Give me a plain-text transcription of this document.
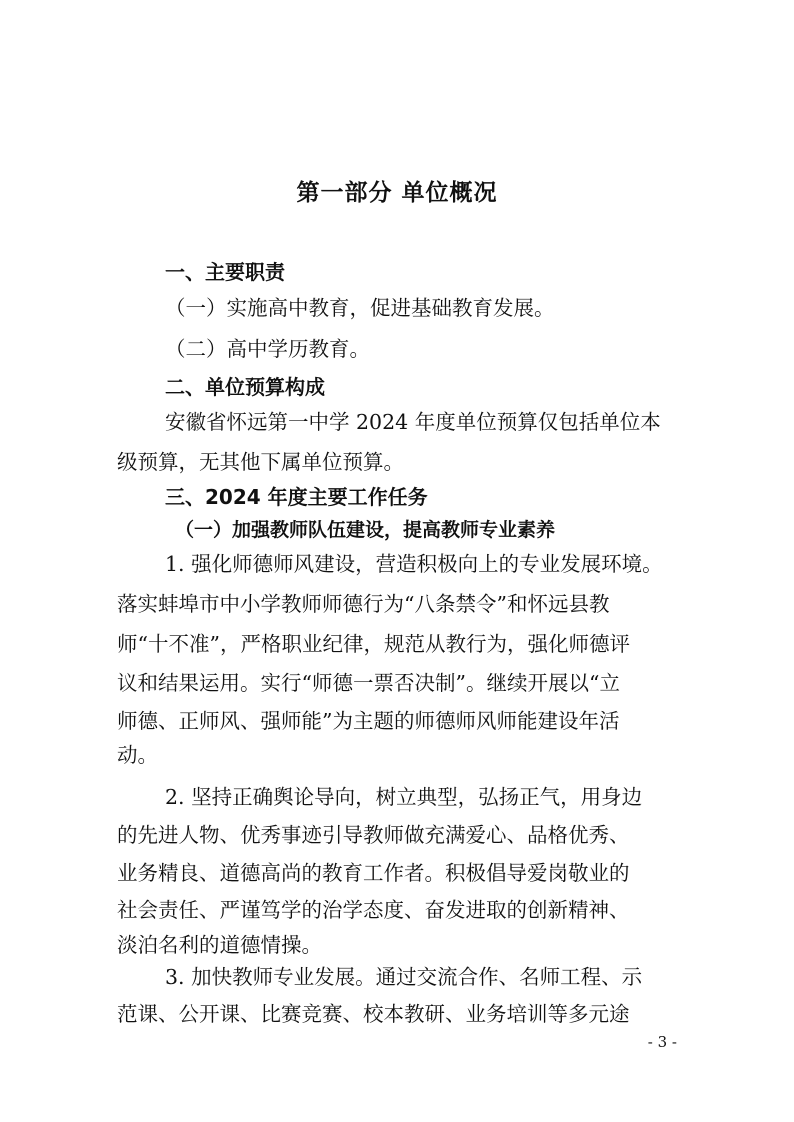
第一部分 单位概况
一、主要职责
（一）实施高中教育，促进基础教育发展。
（二）高中学历教育。
二、单位预算构成
安徽省怀远第一中学 2024 年度单位预算仅包括单位本
级预算，无其他下属单位预算。
三、2024 年度主要工作任务
（一）加强教师队伍建设，提高教师专业素养
1. 强化师德师风建设，营造积极向上的专业发展环境。
落实蚌埠市中小学教师师德行为“八条禁令”和怀远县教
师“十不准”，严格职业纪律，规范从教行为，强化师德评
议和结果运用。实行“师德一票否决制”。继续开展以“立
师德、正师风、强师能”为主题的师德师风师能建设年活
动。
2. 坚持正确舆论导向，树立典型，弘扬正气，用身边
的先进人物、优秀事迹引导教师做充满爱心、品格优秀、
业务精良、道德高尚的教育工作者。积极倡导爱岗敬业的
社会责任、严谨笃学的治学态度、奋发进取的创新精神、
淡泊名利的道德情操。
3. 加快教师专业发展。通过交流合作、名师工程、示
范课、公开课、比赛竞赛、校本教研、业务培训等多元途
- 3 -
